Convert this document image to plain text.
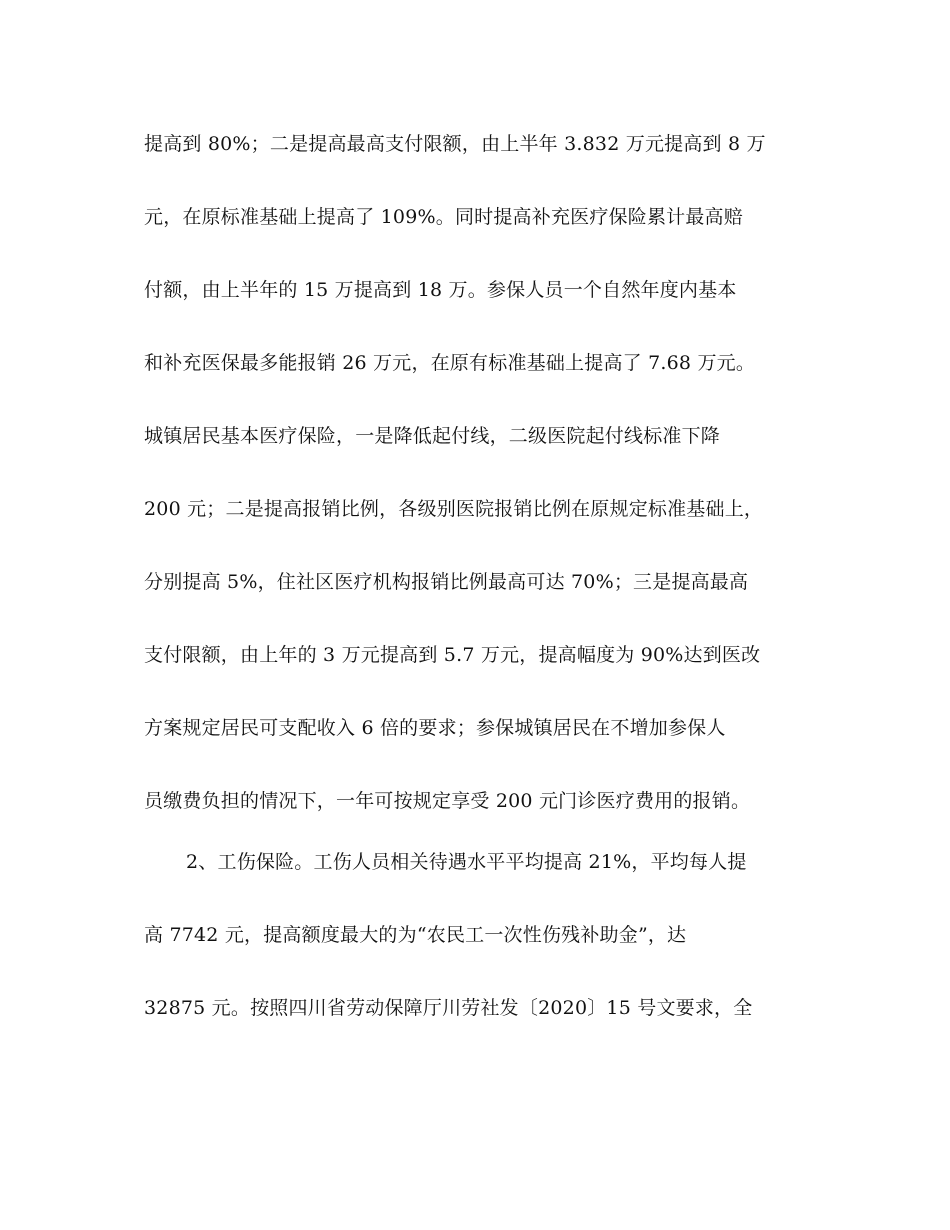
提高到 80%；二是提高最高支付限额，由上半年 3.832 万元提高到 8 万
元，在原标准基础上提高了 109%。同时提高补充医疗保险累计最高赔
付额，由上半年的 15 万提高到 18 万。参保人员一个自然年度内基本
和补充医保最多能报销 26 万元，在原有标准基础上提高了 7.68 万元。
城镇居民基本医疗保险，一是降低起付线，二级医院起付线标准下降
200 元；二是提高报销比例，各级别医院报销比例在原规定标准基础上，
分别提高 5%，住社区医疗机构报销比例最高可达 70%；三是提高最高
支付限额，由上年的 3 万元提高到 5.7 万元，提高幅度为 90%达到医改
方案规定居民可支配收入 6 倍的要求；参保城镇居民在不增加参保人
员缴费负担的情况下，一年可按规定享受 200 元门诊医疗费用的报销。
2、工伤保险。工伤人员相关待遇水平平均提高 21%，平均每人提
高 7742 元，提高额度最大的为“农民工一次性伤残补助金”，达
32875 元。按照四川省劳动保障厅川劳社发〔2020〕15 号文要求，全
